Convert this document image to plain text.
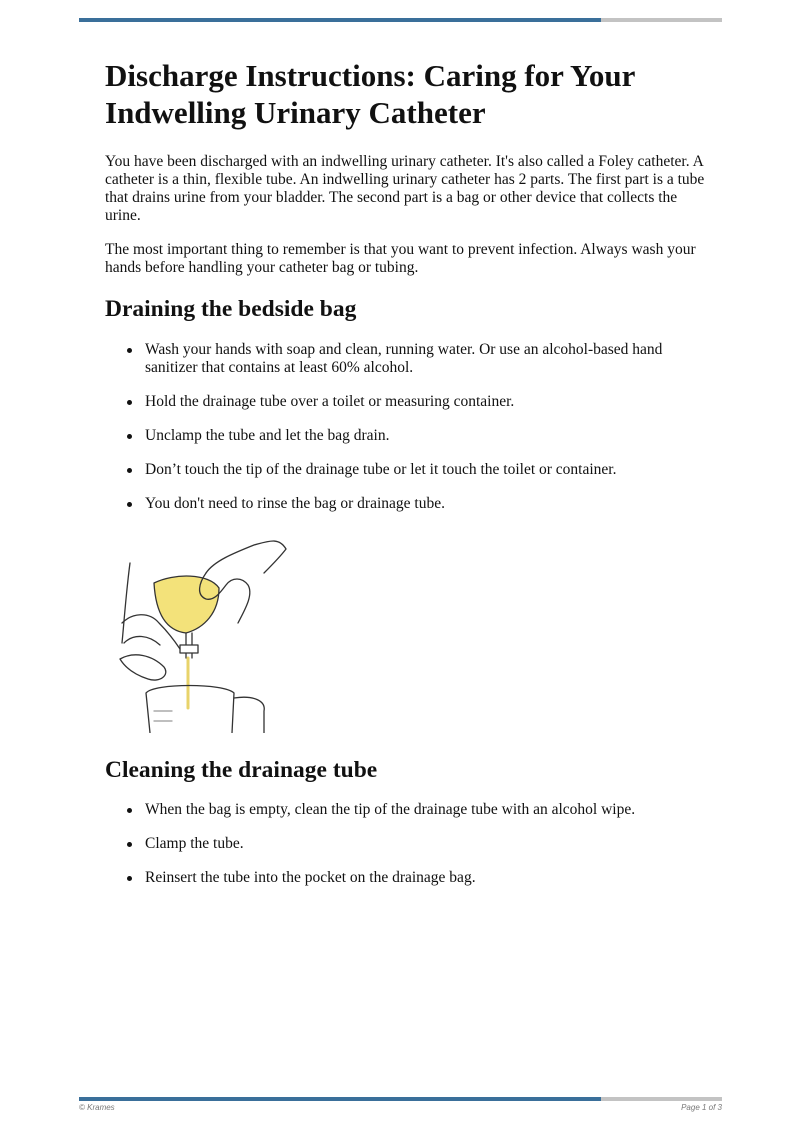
Discharge Instructions: Caring for Your Indwelling Urinary Catheter

You have been discharged with an indwelling urinary catheter. It's also called a Foley catheter. A catheter is a thin, flexible tube. An indwelling urinary catheter has 2 parts. The first part is a tube that drains urine from your bladder. The second part is a bag or other device that collects the urine.

The most important thing to remember is that you want to prevent infection. Always wash your hands before handling your catheter bag or tubing.

Draining the bedside bag
Wash your hands with soap and clean, running water. Or use an alcohol-based hand sanitizer that contains at least 60% alcohol.
Hold the drainage tube over a toilet or measuring container.
Unclamp the tube and let the bag drain.
Don’t touch the tip of the drainage tube or let it touch the toilet or container.
You don't need to rinse the bag or drainage tube.
Cleaning the drainage tube
When the bag is empty, clean the tip of the drainage tube with an alcohol wipe.
Clamp the tube.
Reinsert the tube into the pocket on the drainage bag.
© Krames	Page 1 of 3
